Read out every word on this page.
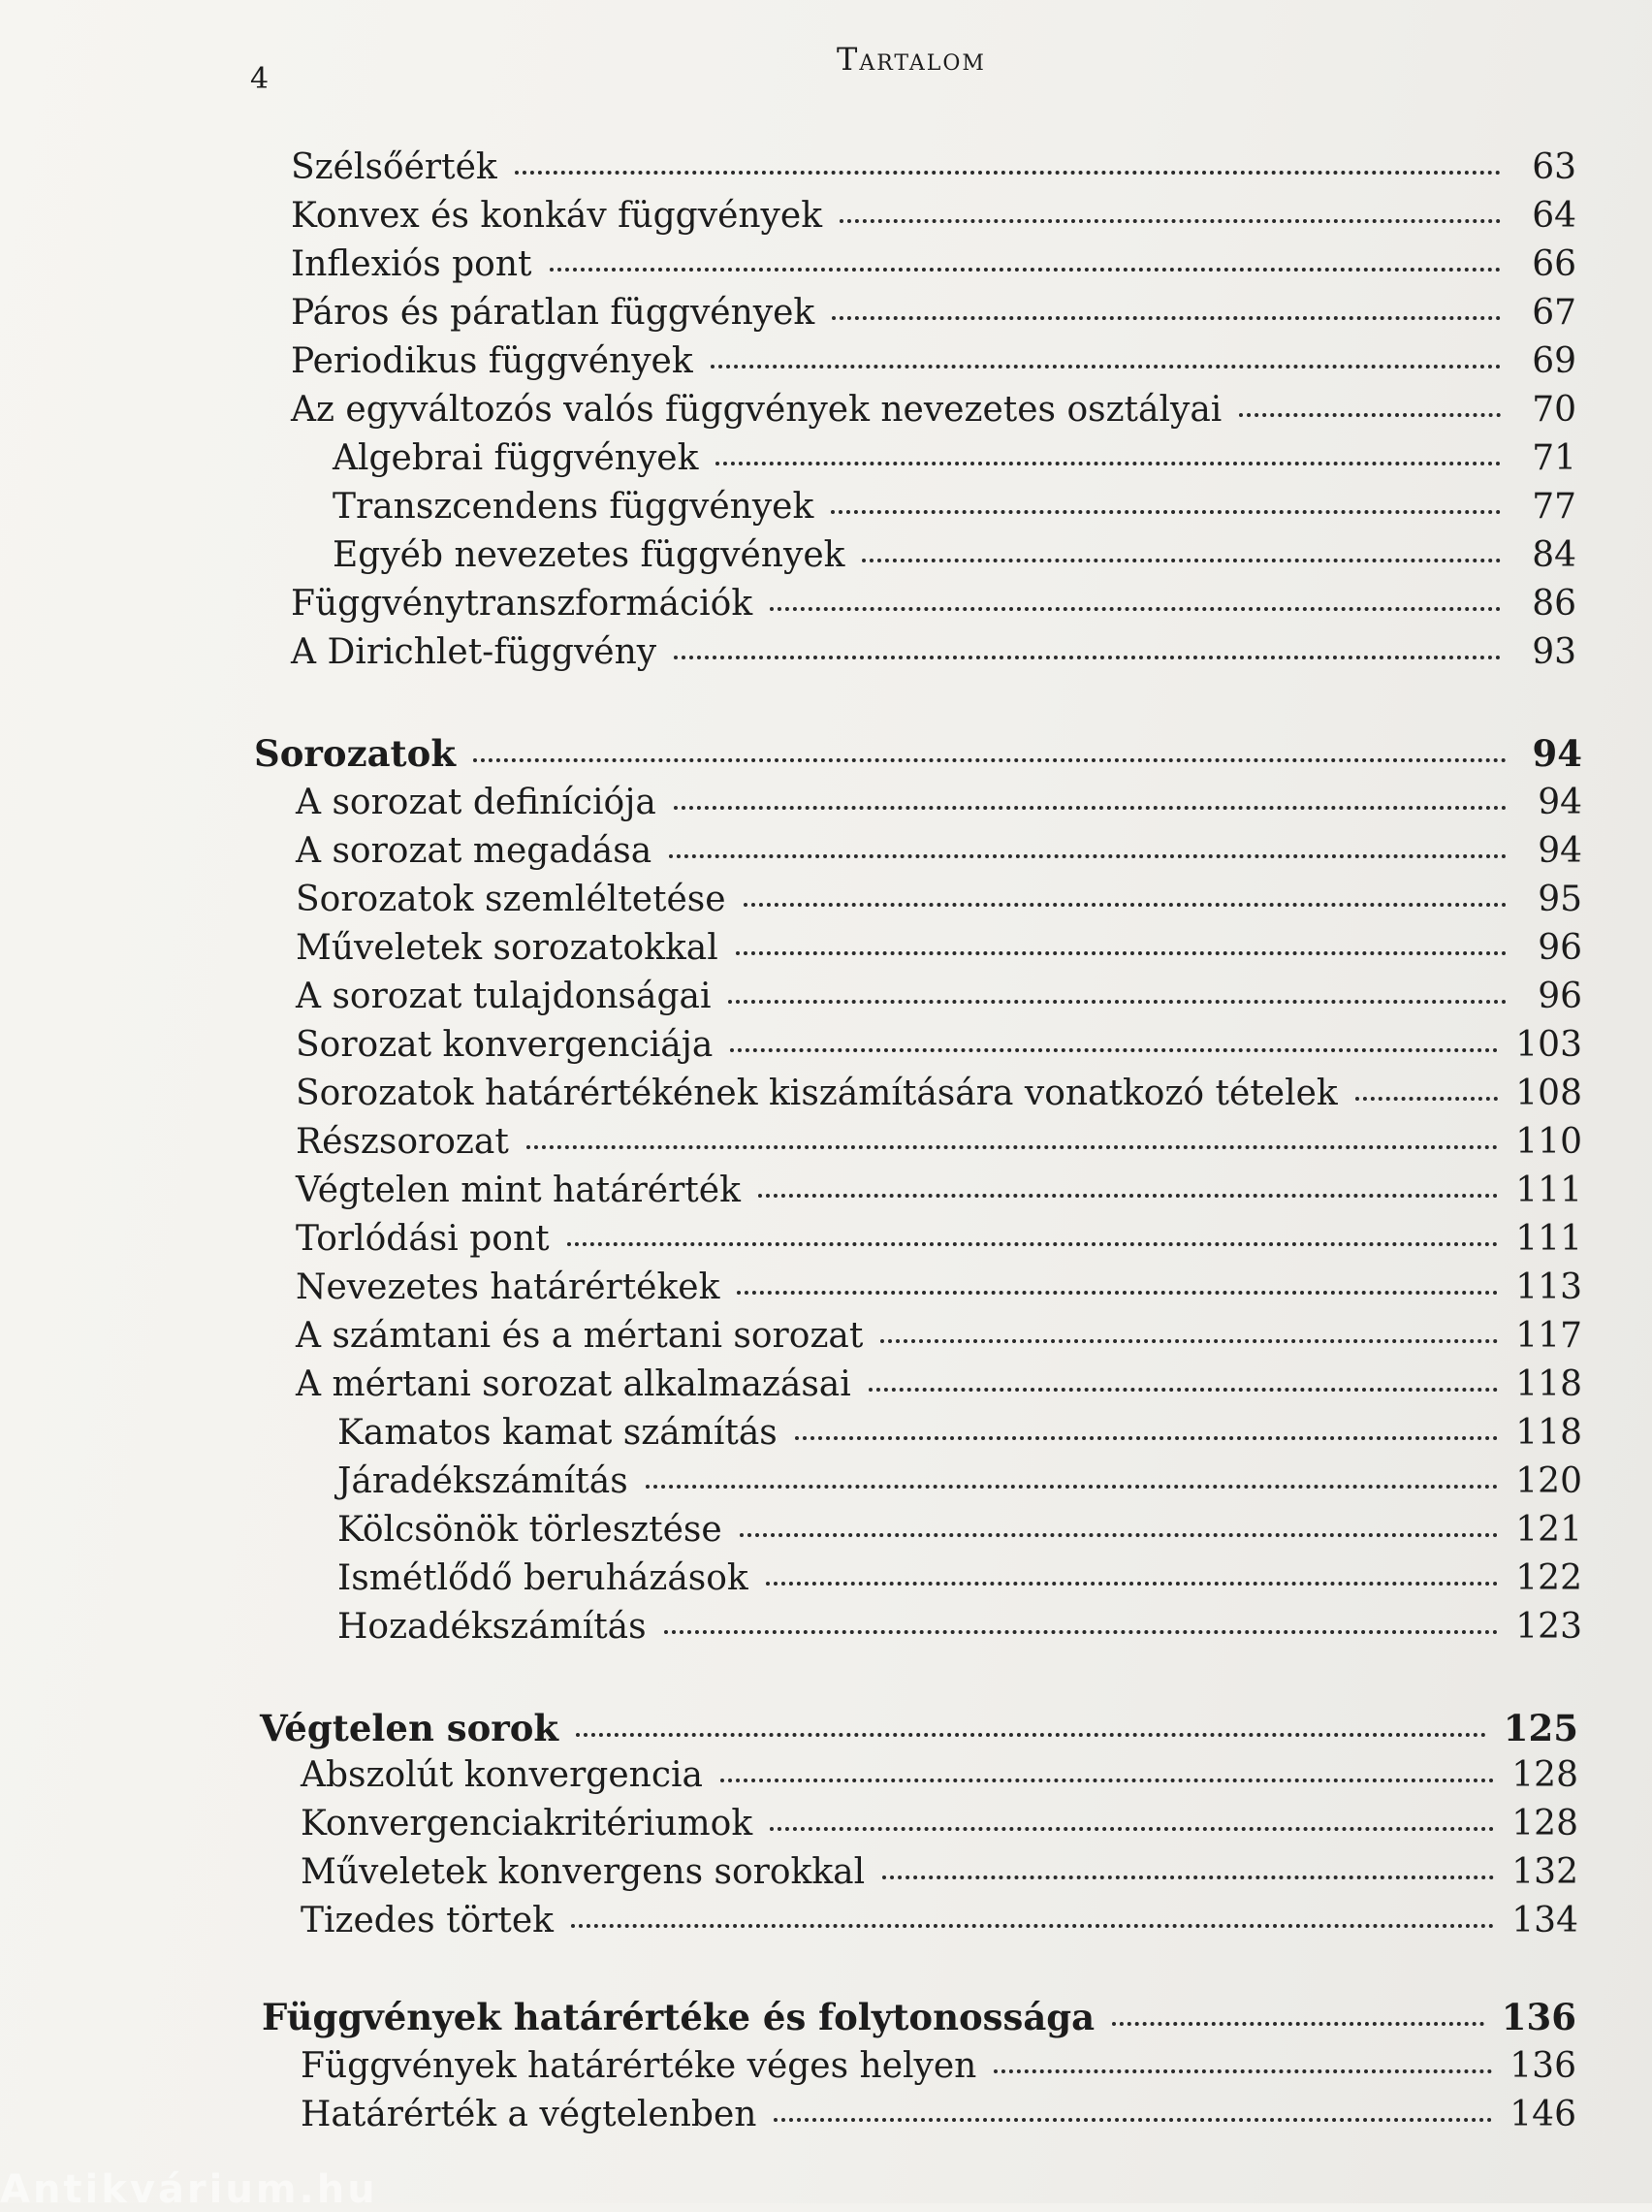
4
Tartalom
Szélsőérték	63
Konvex és konkáv függvények	64
Inflexiós pont	66
Páros és páratlan függvények	67
Periodikus függvények	69
Az egyváltozós valós függvények nevezetes osztályai	70
Algebrai függvények	71
Transzcendens függvények	77
Egyéb nevezetes függvények	84
Függvénytranszformációk	86
A Dirichlet-függvény	93
Sorozatok	94
A sorozat definíciója	94
A sorozat megadása	94
Sorozatok szemléltetése	95
Műveletek sorozatokkal	96
A sorozat tulajdonságai	96
Sorozat konvergenciája	103
Sorozatok határértékének kiszámítására vonatkozó tételek	108
Részsorozat	110
Végtelen mint határérték	111
Torlódási pont	111
Nevezetes határértékek	113
A számtani és a mértani sorozat	117
A mértani sorozat alkalmazásai	118
Kamatos kamat számítás	118
Járadékszámítás	120
Kölcsönök törlesztése	121
Ismétlődő beruházások	122
Hozadékszámítás	123
Végtelen sorok	125
Abszolút konvergencia	128
Konvergenciakritériumok	128
Műveletek konvergens sorokkal	132
Tizedes törtek	134
Függvények határértéke és folytonossága	136
Függvények határértéke véges helyen	136
Határérték a végtelenben	146
Antikvárium.hu
